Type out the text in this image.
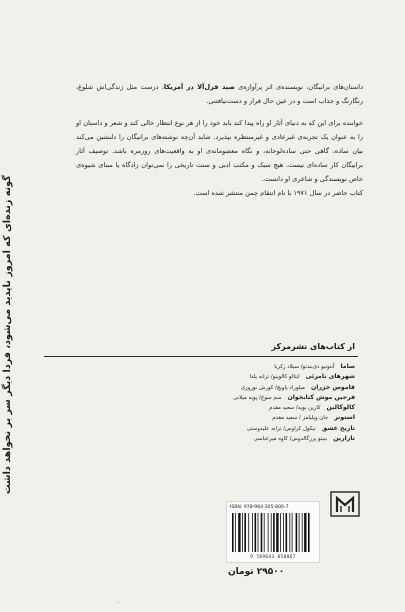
گونه زنده‌ای که امروز ناپدید می‌شود، فردا دیگر سر بر نخواهد داشت

داستان‌های برانیگان، نویسنده‌ی اثر پرآوازه‌ی صید قزل‌آلا در آمریکا، درست مثل زندگی‌اش شلوغ، رنگارنگ و جذاب است و در عین حال فرار و دست‌نیافتنی.

خواننده برای این که به دنیای آثار او راه پیدا کند باید خود را از هر نوع انتظار خالی کند و شعر و داستان او را به عنوان یک تجربه‌ی غیرعادی و غیرمنتظره بپذیرد. شاید آن‌چه نوشته‌های برانیگان را دلنشین می‌کند بیان ساده، گاهی حتی ساده‌لوحانه، و نگاه معصومانه‌ی او به واقعیت‌های روزمره باشد. توصیف آثار برانیگان کار ساده‌ای نیست. هیچ سبک و مکتب ادبی و سنت تاریخی را نمی‌توان زادگاه یا مبنای شیوه‌ی خاص نویسندگی و شاعری او دانست.

کتاب حاضر در سال ۱۹۷۱ با نام انتقام چمن منتشر شده است.

از کتاب‌های نشرمرکز
ساماآنتونیو دی‌بندتو/ سیلاد زکریا
شهرهای نامرئیایتالو کالوینو/ ترانه یلدا
قاموس خزرانمیلوراد پاویچ/ کورش نوروزی
فرجین موش کتابخوانسم سوج/ پویه میلانی
کالوکالینکارین بویه/ سعید مقدم
استونرجان ویلیامز / سعید مقدم
تاریخ عشقنیکول کراوس/ ترانه علیدوستی
تازارینبنیتو پرز‌گالدوس/ کاوه میرعباسی
ISBN: 978-964-305-806-7
9 789643 058067
۲۹۵۰۰ تومان
۰
